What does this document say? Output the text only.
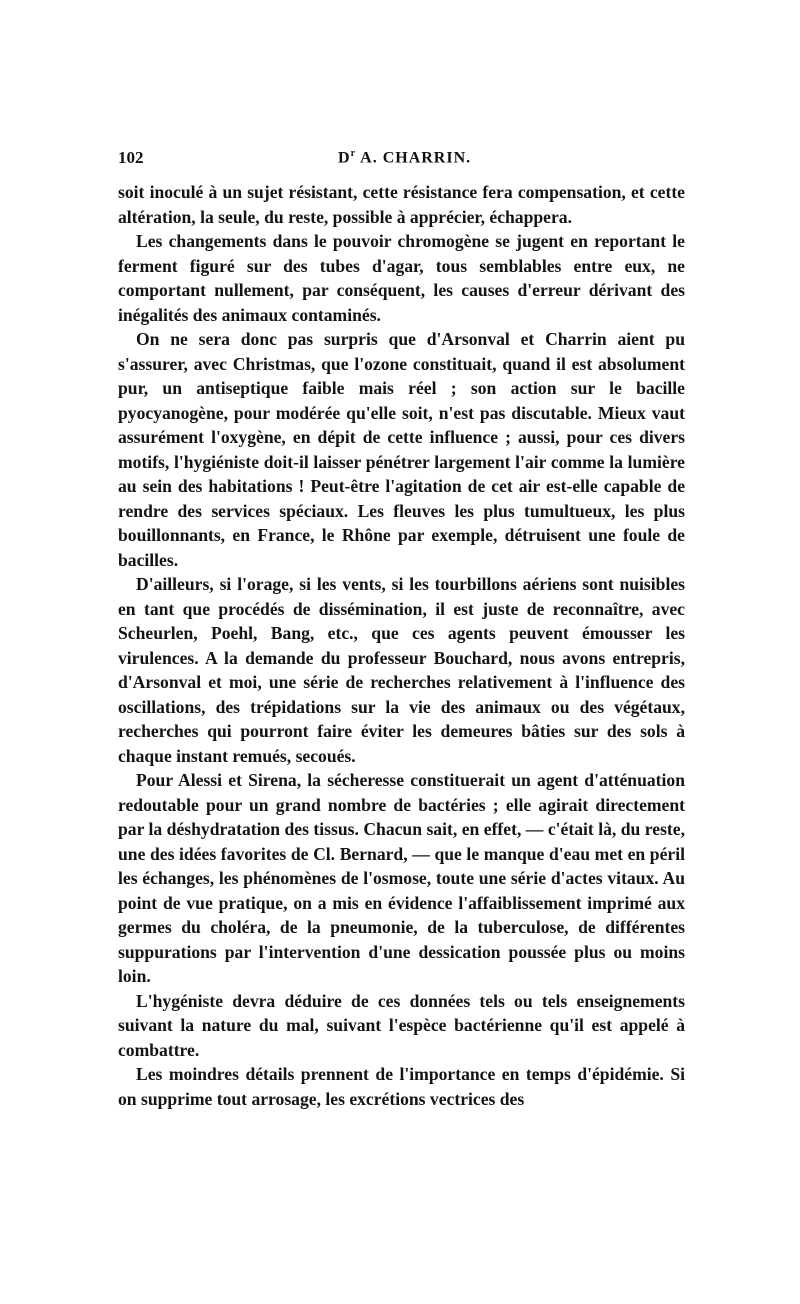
102	$D^r$ A. CHARRIN.

soit inoculé à un sujet résistant, cette résistance fera compensation, et cette altération, la seule, du reste, possible à apprécier, échappera.

Les changements dans le pouvoir chromogène se jugent en reportant le ferment figuré sur des tubes d'agar, tous semblables entre eux, ne comportant nullement, par conséquent, les causes d'erreur dérivant des inégalités des animaux contaminés.

On ne sera donc pas surpris que d'Arsonval et Charrin aient pu s'assurer, avec Christmas, que l'ozone constituait, quand il est absolument pur, un antiseptique faible mais réel ; son action sur le bacille pyocyanogène, pour modérée qu'elle soit, n'est pas discutable. Mieux vaut assurément l'oxygène, en dépit de cette influence ; aussi, pour ces divers motifs, l'hygiéniste doit-il laisser pénétrer largement l'air comme la lumière au sein des habitations ! Peut-être l'agitation de cet air est-elle capable de rendre des services spéciaux. Les fleuves les plus tumultueux, les plus bouillonnants, en France, le Rhône par exemple, détruisent une foule de bacilles.

D'ailleurs, si l'orage, si les vents, si les tourbillons aériens sont nuisibles en tant que procédés de dissémination, il est juste de reconnaître, avec Scheurlen, Poehl, Bang, etc., que ces agents peuvent émousser les virulences. A la demande du professeur Bouchard, nous avons entrepris, d'Arsonval et moi, une série de recherches relativement à l'influence des oscillations, des trépidations sur la vie des animaux ou des végétaux, recherches qui pourront faire éviter les demeures bâties sur des sols à chaque instant remués, secoués.

Pour Alessi et Sirena, la sécheresse constituerait un agent d'atténuation redoutable pour un grand nombre de bactéries ; elle agirait directement par la déshydratation des tissus. Chacun sait, en effet, — c'était là, du reste, une des idées favorites de Cl. Bernard, — que le manque d'eau met en péril les échanges, les phénomènes de l'osmose, toute une série d'actes vitaux. Au point de vue pratique, on a mis en évidence l'affaiblissement imprimé aux germes du choléra, de la pneumonie, de la tuberculose, de différentes suppurations par l'intervention d'une dessication poussée plus ou moins loin.

L'hygéniste devra déduire de ces données tels ou tels enseignements suivant la nature du mal, suivant l'espèce bactérienne qu'il est appelé à combattre.

Les moindres détails prennent de l'importance en temps d'épidémie. Si on supprime tout arrosage, les excrétions vectrices des
